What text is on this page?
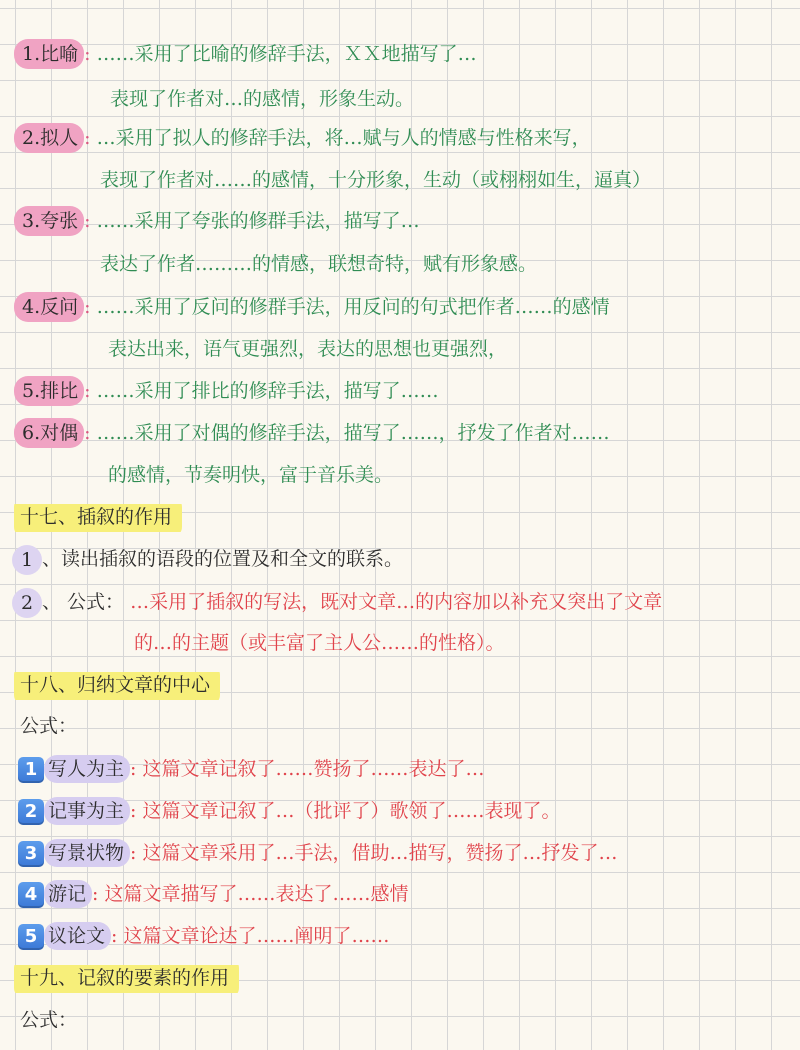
1.比喻 : ……采用了比喻的修辞手法，ＸＸ地描写了…
表现了作者对…的感情，形象生动。
2.拟人 : …采用了拟人的修辞手法，将…赋与人的情感与性格来写，
表现了作者对……的感情，十分形象，生动（或栩栩如生，逼真）
3.夸张 : ……采用了夸张的修群手法，描写了…
表达了作者………的情感，联想奇特，赋有形象感。
4.反问 : ……采用了反问的修群手法，用反问的句式把作者……的感情
表达出来，语气更强烈，表达的思想也更强烈，
5.排比 : ……采用了排比的修辞手法，描写了……
6.对偶 : ……采用了对偶的修辞手法，描写了……，抒发了作者对……
的感情，节奏明快，富于音乐美。
十七、插叙的作用
1 、读出插叙的语段的位置及和全文的联系。
2 、 公式： …采用了插叙的写法，既对文章…的内容加以补充又突出了文章
的…的主题（或丰富了主人公……的性格）。
十八、归纳文章的中心
公式：
1 写人为主 : 这篇文章记叙了……赞扬了……表达了…
2 记事为主 : 这篇文章记叙了…（批评了）歌领了……表现了。
3 写景状物 : 这篇文章采用了…手法，借助…描写，赞扬了…抒发了…
4 游记 : 这篇文章描写了……表达了……感情
5 议论文 : 这篇文章论达了……阐明了……
十九、记叙的要素的作用
公式：
